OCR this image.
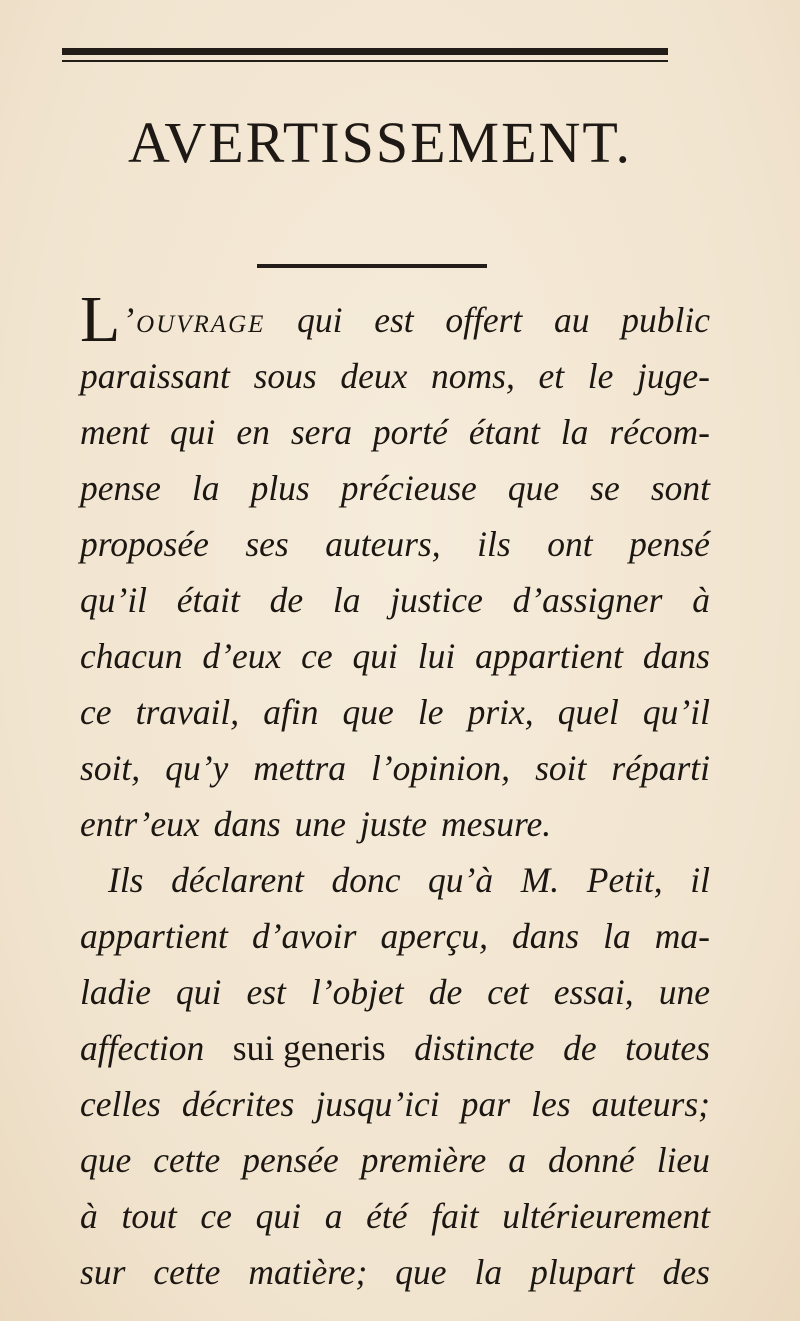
AVERTISSEMENT.
L’ouvrage qui est offert au public
paraissant sous deux noms, et le juge-
ment qui en sera porté étant la récom-
pense la plus précieuse que se sont
proposée ses auteurs, ils ont pensé
qu’il était de la justice d’assigner à
chacun d’eux ce qui lui appartient dans
ce travail, afin que le prix, quel qu’il
soit, qu’y mettra l’opinion, soit réparti
entr’eux dans une juste mesure.
Ils déclarent donc qu’à M. Petit, il
appartient d’avoir aperçu, dans la ma-
ladie qui est l’objet de cet essai, une
affection sui generis distincte de toutes
celles décrites jusqu’ici par les auteurs;
que cette pensée première a donné lieu
à tout ce qui a été fait ultérieurement
sur cette matière; que la plupart des
